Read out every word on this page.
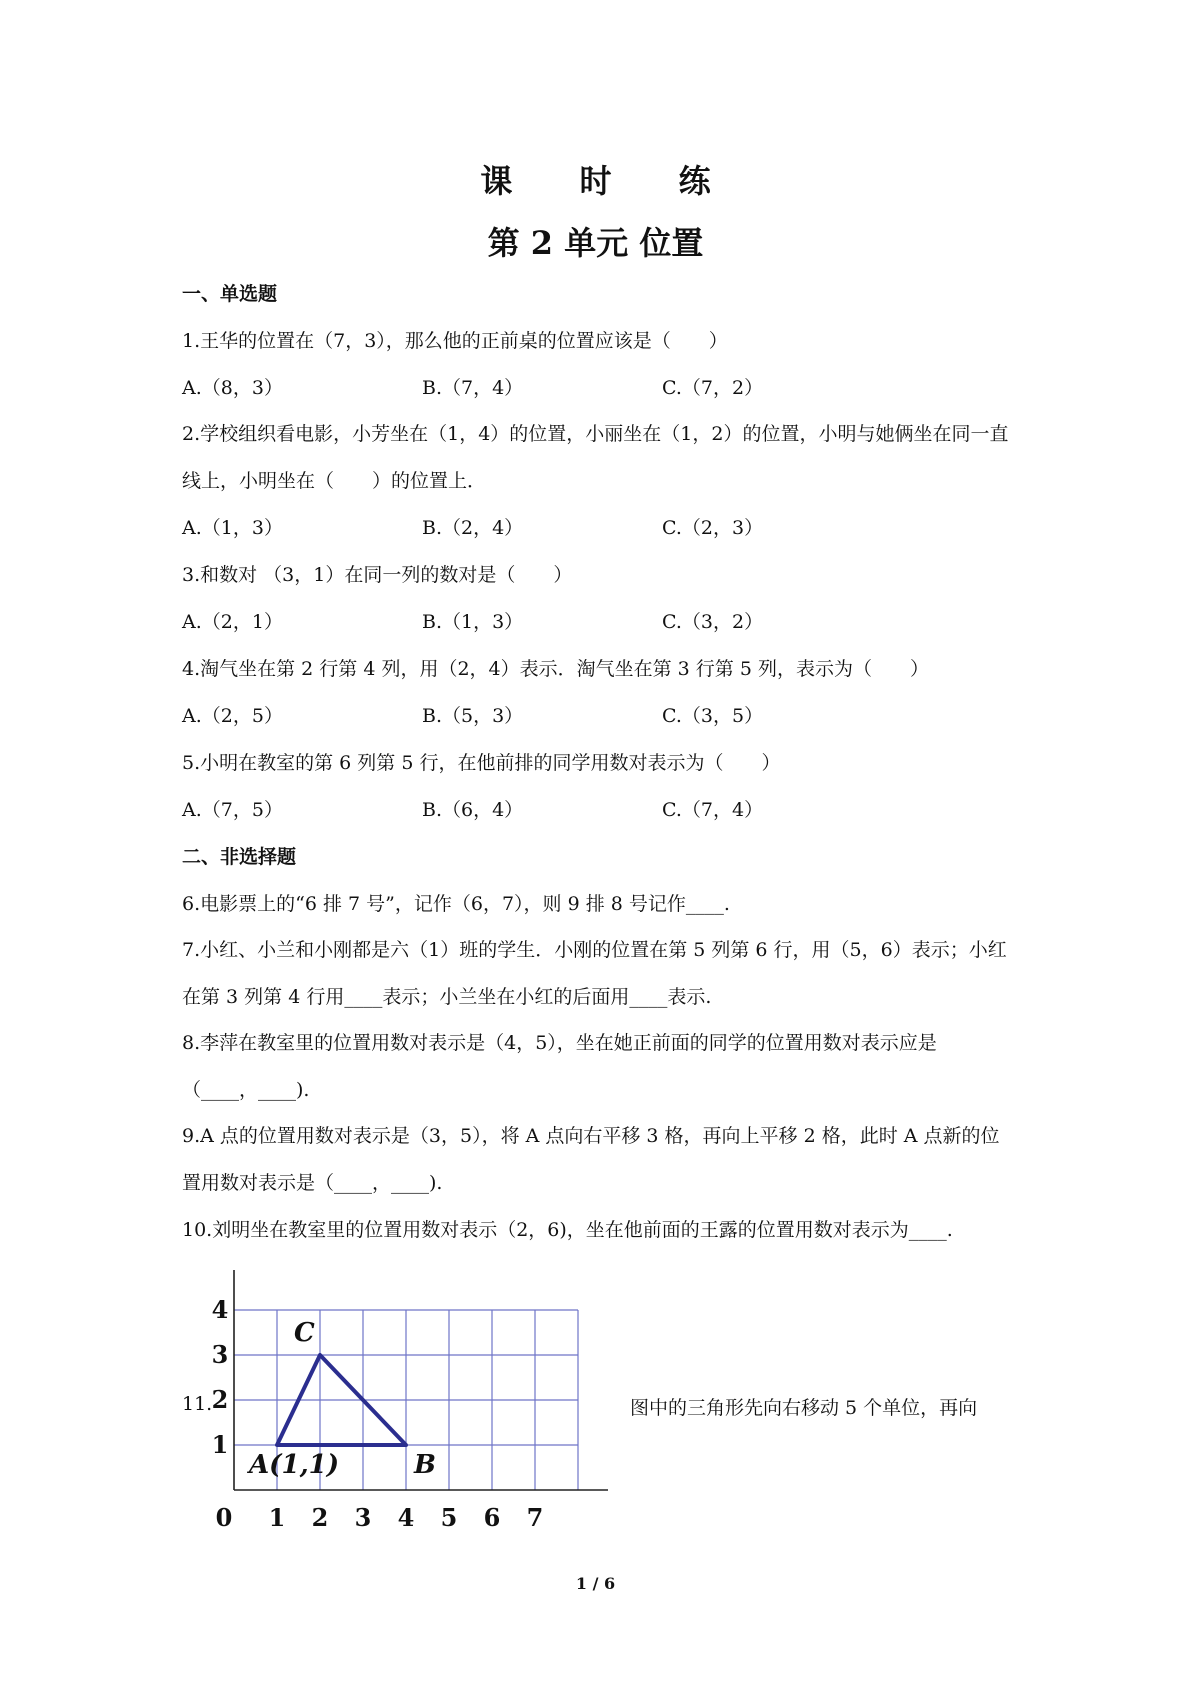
课 时 练
第 2 单元 位置
一、单选题
1.王华的位置在（7，3），那么他的正前桌的位置应该是（　　）
A.（8，3）	B.（7，4）	C.（7，2）
2.学校组织看电影，小芳坐在（1，4）的位置，小丽坐在（1，2）的位置，小明与她俩坐在同一直线上，小明坐在（　　）的位置上．
A.（1，3）	B.（2，4）	C.（2，3）
3.和数对 （3，1）在同一列的数对是（　　）
A.（2，1）	B.（1，3）	C.（3，2）
4.淘气坐在第 2 行第 4 列，用（2，4）表示．淘气坐在第 3 行第 5 列，表示为（　　）
A.（2，5）	B.（5，3）	C.（3，5）
5.小明在教室的第 6 列第 5 行，在他前排的同学用数对表示为（　　）
A.（7，5）	B.（6，4）	C.（7，4）
二、非选择题
6.电影票上的“6 排 7 号”，记作（6，7），则 9 排 8 号记作____.
7.小红、小兰和小刚都是六（1）班的学生．小刚的位置在第 5 列第 6 行，用（5，6）表示；小红在第 3 列第 4 行用____表示；小兰坐在小红的后面用____表示.
8.李萍在教室里的位置用数对表示是（4，5），坐在她正前面的同学的位置用数对表示应是（____，____).
9.A 点的位置用数对表示是（3，5），将 A 点向右平移 3 格，再向上平移 2 格，此时 A 点新的位置用数对表示是（____，____).
10.刘明坐在教室里的位置用数对表示（2，6)，坐在他前面的王露的位置用数对表示为____.
11.
0 1 2 3 4 5 6 7
1
2
3
4
A(1,1)	B
C
图中的三角形先向右移动 5 个单位，再向
1 / 6
